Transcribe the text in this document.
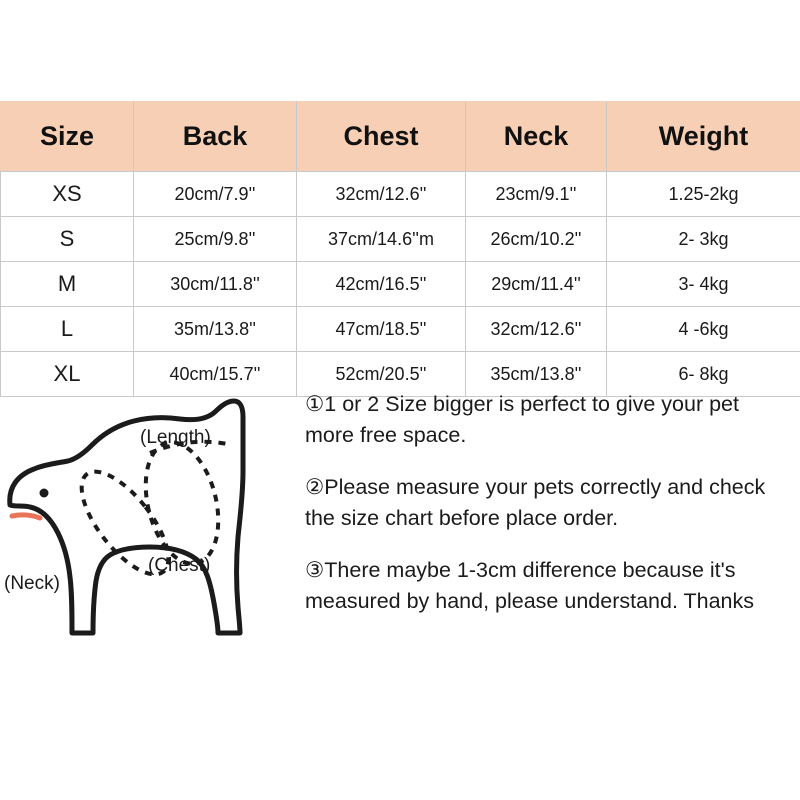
Size	Back	Chest	Neck	Weight
XS	20cm/7.9''	32cm/12.6''	23cm/9.1''	1.25-2kg
S	25cm/9.8''	37cm/14.6''m	26cm/10.2''	2- 3kg
M	30cm/11.8''	42cm/16.5''	29cm/11.4''	3- 4kg
L	35m/13.8''	47cm/18.5''	32cm/12.6''	4 -6kg
XL	40cm/15.7''	52cm/20.5''	35cm/13.8''	6- 8kg
(Length)
(Chest)
(Neck)
①1 or 2 Size bigger is perfect to give your pet more free space.
②Please measure your pets correctly and check the size chart before place order.
③There maybe 1-3cm difference because it's measured by hand, please understand. Thanks
